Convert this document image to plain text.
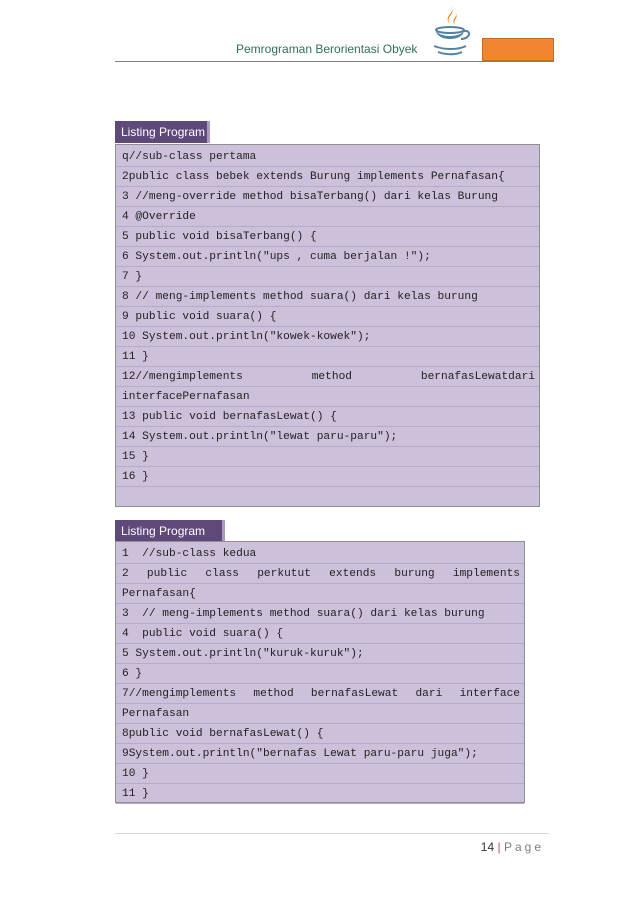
Pemrograman Berorientasi Obyek
Listing Program
q//sub-class pertama
2public class bebek extends Burung implements Pernafasan{
3 //meng-override method bisaTerbang() dari kelas Burung
4 @Override
5 public void bisaTerbang() {
6 System.out.println("ups , cuma berjalan !");
7 }
8 // meng-implements method suara() dari kelas burung
9 public void suara() {
10 System.out.println("kowek-kowek");
11 }
12//mengimplements method bernafasLewatdari
interfacePernafasan
13 public void bernafasLewat() {
14 System.out.println("lewat paru-paru");
15 }
16 }
Listing Program
1  //sub-class kedua
2 public class perkutut extends burung implements
Pernafasan{
3  // meng-implements method suara() dari kelas burung
4  public void suara() {
5 System.out.println("kuruk-kuruk");
6 }
7//mengimplements method bernafasLewat dari interface
Pernafasan
8public void bernafasLewat() {
9System.out.println("bernafas Lewat paru-paru juga");
10 }
11 }
14 | Page
